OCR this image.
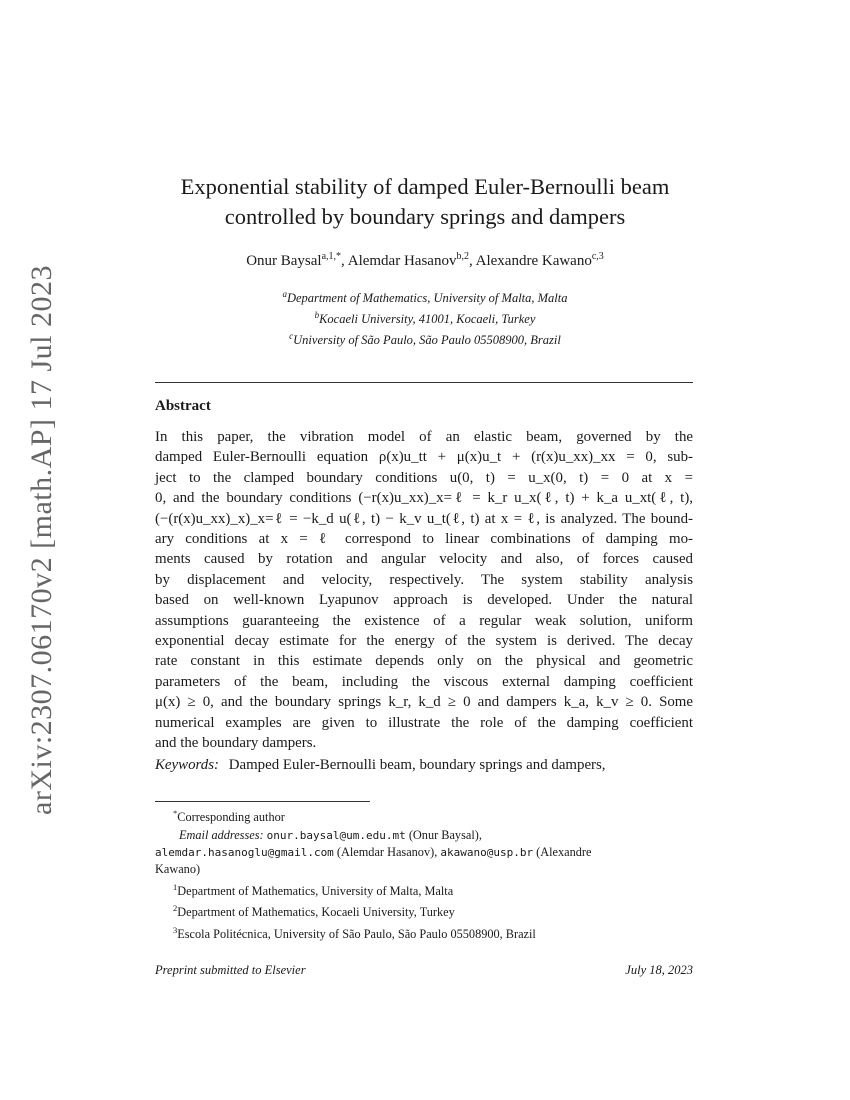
arXiv:2307.06170v2 [math.AP] 17 Jul 2023
Exponential stability of damped Euler-Bernoulli beam
controlled by boundary springs and dampers
Onur Baysal$^{a,1,*}$, Alemdar Hasanov$^{b,2}$, Alexandre Kawano$^{c,3}$
$^a$Department of Mathematics, University of Malta, Malta
$^b$Kocaeli University, 41001, Kocaeli, Turkey
$^c$University of São Paulo, São Paulo 05508900, Brazil
Abstract
In this paper, the vibration model of an elastic beam, governed by the
damped Euler-Bernoulli equation ρ(x)u_tt + μ(x)u_t + (r(x)u_xx)_xx = 0, sub-
ject to the clamped boundary conditions u(0, t) = u_x(0, t) = 0 at x =
0, and the boundary conditions (−r(x)u_xx)_x=ℓ = k_r u_x(ℓ, t) + k_a u_xt(ℓ, t),
(−(r(x)u_xx)_x)_x=ℓ = −k_d u(ℓ, t) − k_v u_t(ℓ, t) at x = ℓ, is analyzed. The bound-
ary conditions at x = ℓ correspond to linear combinations of damping mo-
ments caused by rotation and angular velocity and also, of forces caused
by displacement and velocity, respectively. The system stability analysis
based on well-known Lyapunov approach is developed. Under the natural
assumptions guaranteeing the existence of a regular weak solution, uniform
exponential decay estimate for the energy of the system is derived. The decay
rate constant in this estimate depends only on the physical and geometric
parameters of the beam, including the viscous external damping coefficient
μ(x) ≥ 0, and the boundary springs k_r, k_d ≥ 0 and dampers k_a, k_v ≥ 0. Some
numerical examples are given to illustrate the role of the damping coefficient
and the boundary dampers.
Keywords: Damped Euler-Bernoulli beam, boundary springs and dampers,
*Corresponding author
Email addresses: onur.baysal@um.edu.mt (Onur Baysal),
alemdar.hasanoglu@gmail.com (Alemdar Hasanov), akawano@usp.br (Alexandre
Kawano)
$^1$Department of Mathematics, University of Malta, Malta
$^2$Department of Mathematics, Kocaeli University, Turkey
$^3$Escola Politécnica, University of São Paulo, São Paulo 05508900, Brazil
Preprint submitted to Elsevier	July 18, 2023
